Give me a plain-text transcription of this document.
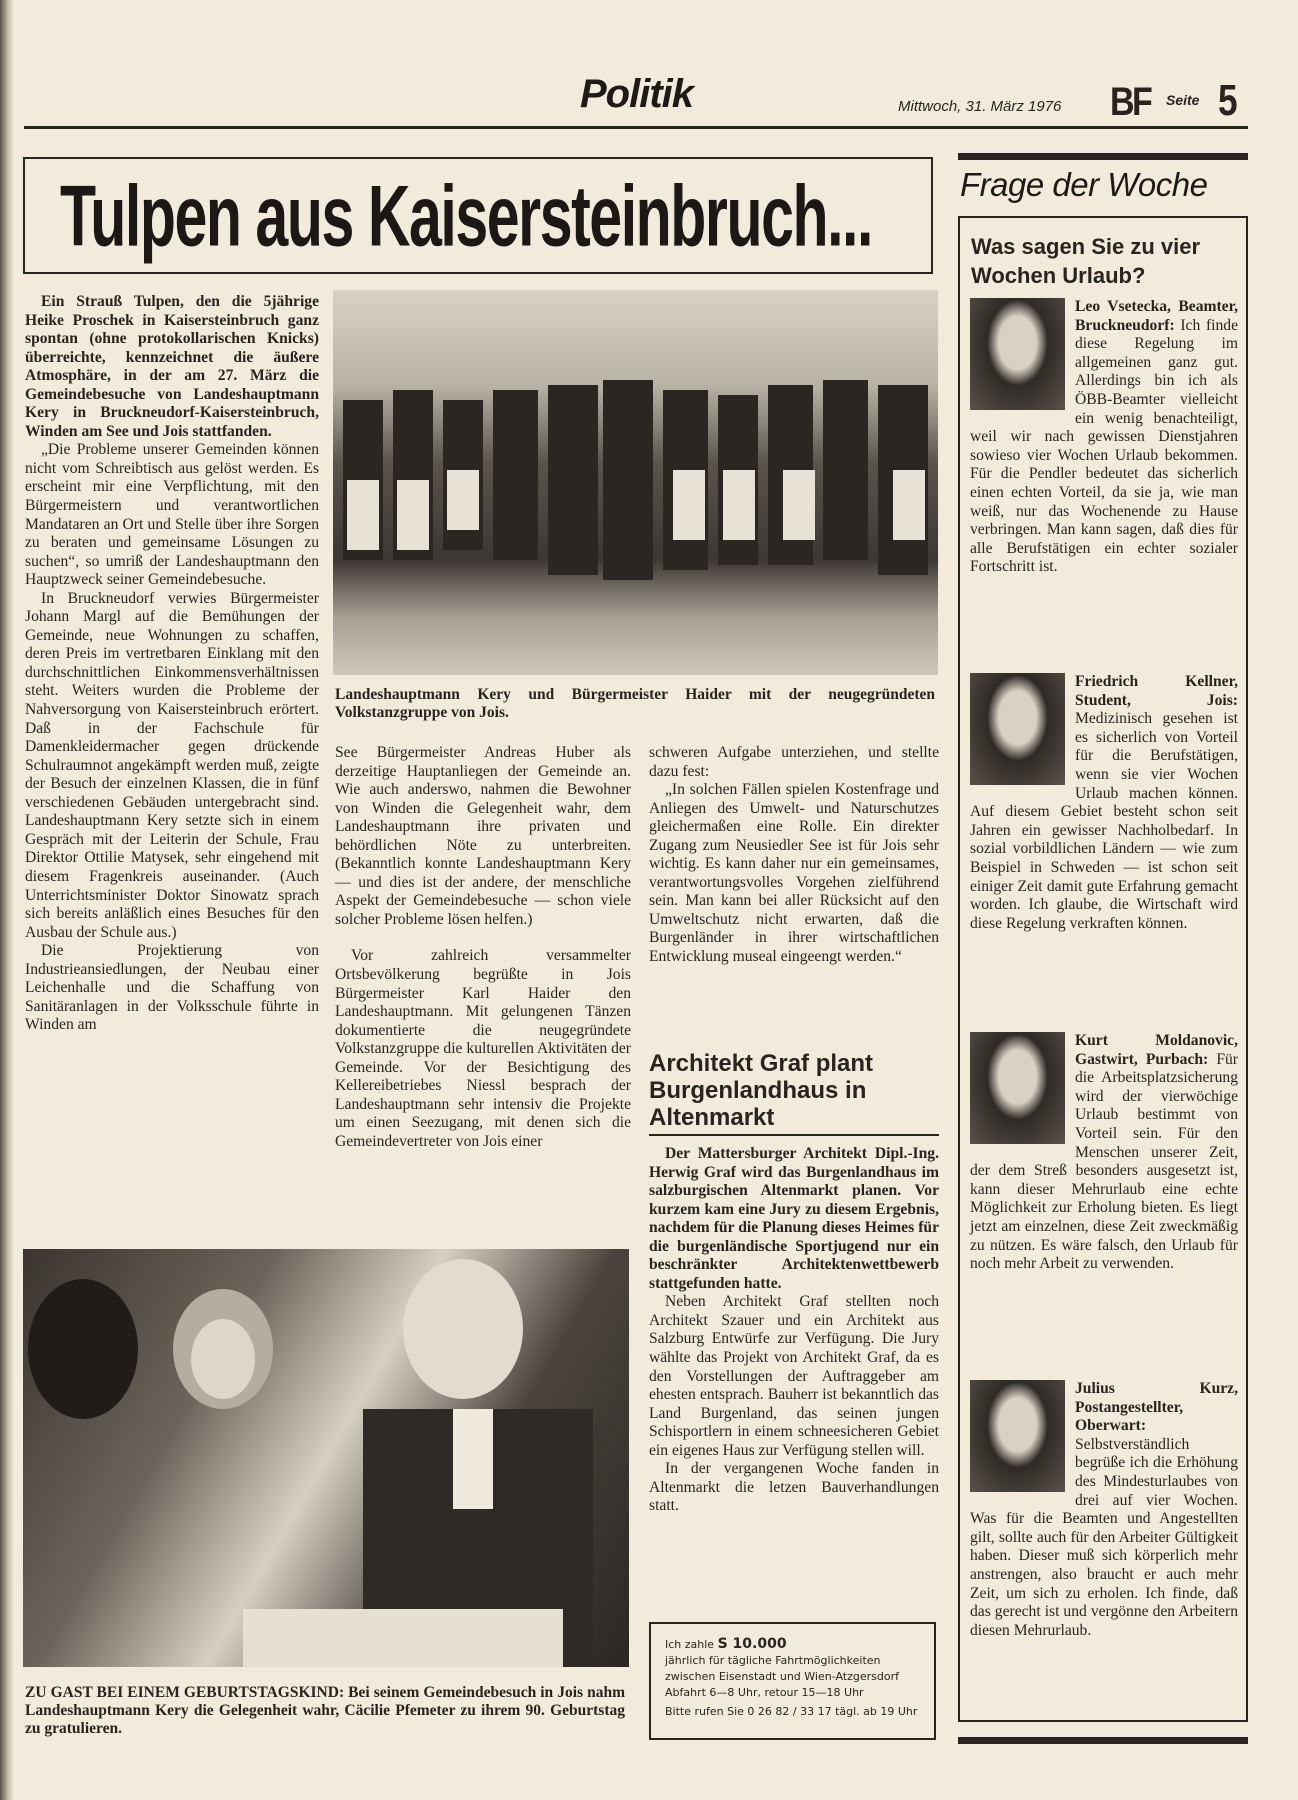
Politik	Mittwoch, 31. März 1976 BF Seite 5
Tulpen aus Kaisersteinbruch...

Ein Strauß Tulpen, den die 5jährige Heike Proschek in Kaisersteinbruch ganz spontan (ohne protokollarischen Knicks) überreichte, kennzeichnet die äußere Atmosphäre, in der am 27. März die Gemeindebesuche von Landeshauptmann Kery in Bruckneudorf-Kaisersteinbruch, Winden am See und Jois stattfanden.

„Die Probleme unserer Gemeinden können nicht vom Schreibtisch aus gelöst werden. Es erscheint mir eine Verpflichtung, mit den Bürgermeistern und verantwortlichen Mandataren an Ort und Stelle über ihre Sorgen zu beraten und gemeinsame Lösungen zu suchen“, so umriß der Landeshauptmann den Hauptzweck seiner Gemeindebesuche.

In Bruckneudorf verwies Bürgermeister Johann Margl auf die Bemühungen der Gemeinde, neue Wohnungen zu schaffen, deren Preis im vertretbaren Einklang mit den durchschnittlichen Einkommensverhältnissen steht. Weiters wurden die Probleme der Nahversorgung von Kaisersteinbruch erörtert. Daß in der Fachschule für Damenkleidermacher gegen drückende Schulraumnot angekämpft werden muß, zeigte der Besuch der einzelnen Klassen, die in fünf verschiedenen Gebäuden untergebracht sind. Landeshauptmann Kery setzte sich in einem Gespräch mit der Leiterin der Schule, Frau Direktor Ottilie Matysek, sehr eingehend mit diesem Fragenkreis auseinander. (Auch Unterrichtsminister Doktor Sinowatz sprach sich bereits anläßlich eines Besuches für den Ausbau der Schule aus.)

Die Projektierung von Industrieansiedlungen, der Neubau einer Leichenhalle und die Schaffung von Sanitäranlagen in der Volksschule führte in Winden am

Landeshauptmann Kery und Bürgermeister Haider mit der neugegründeten Volkstanzgruppe von Jois.

See Bürgermeister Andreas Huber als derzeitige Hauptanliegen der Gemeinde an. Wie auch anderswo, nahmen die Bewohner von Winden die Gelegenheit wahr, dem Landeshauptmann ihre privaten und behördlichen Nöte zu unterbreiten. (Bekanntlich konnte Landeshauptmann Kery — und dies ist der andere, der menschliche Aspekt der Gemeindebesuche — schon viele solcher Probleme lösen helfen.)

Vor zahlreich versammelter Ortsbevölkerung begrüßte in Jois Bürgermeister Karl Haider den Landeshauptmann. Mit gelungenen Tänzen dokumentierte die neugegründete Volkstanzgruppe die kulturellen Aktivitäten der Gemeinde. Vor der Besichtigung des Kellereibetriebes Niessl besprach der Landeshauptmann sehr intensiv die Projekte um einen Seezugang, mit denen sich die Gemeindevertreter von Jois einer

schweren Aufgabe unterziehen, und stellte dazu fest:

„In solchen Fällen spielen Kostenfrage und Anliegen des Umwelt- und Naturschutzes gleichermaßen eine Rolle. Ein direkter Zugang zum Neusiedler See ist für Jois sehr wichtig. Es kann daher nur ein gemeinsames, verantwortungsvolles Vorgehen zielführend sein. Man kann bei aller Rücksicht auf den Umweltschutz nicht erwarten, daß die Burgenländer in ihrer wirtschaftlichen Entwicklung museal eingeengt werden.“

Architekt Graf plant Burgenlandhaus in Altenmarkt

Der Mattersburger Architekt Dipl.-Ing. Herwig Graf wird das Burgenlandhaus im salzburgischen Altenmarkt planen. Vor kurzem kam eine Jury zu diesem Ergebnis, nachdem für die Planung dieses Heimes für die burgenländische Sportjugend nur ein beschränkter Architektenwettbewerb stattgefunden hatte.

Neben Architekt Graf stellten noch Architekt Szauer und ein Architekt aus Salzburg Entwürfe zur Verfügung. Die Jury wählte das Projekt von Architekt Graf, da es den Vorstellungen der Auftraggeber am ehesten entsprach. Bauherr ist bekanntlich das Land Burgenland, das seinen jungen Schisportlern in einem schneesicheren Gebiet ein eigenes Haus zur Verfügung stellen will.

In der vergangenen Woche fanden in Altenmarkt die letzen Bauverhandlungen statt.

Ich zahle S 10.000
jährlich für tägliche Fahrtmöglichkeiten
zwischen Eisenstadt und Wien-Atzgersdorf
Abfahrt 6—8 Uhr, retour 15—18 Uhr
Bitte rufen Sie 0 26 82 / 33 17 tägl. ab 19 Uhr
ZU GAST BEI EINEM GEBURTSTAGSKIND: Bei seinem Gemeindebesuch in Jois nahm Landeshauptmann Kery die Gelegenheit wahr, Cäcilie Pfemeter zu ihrem 90. Geburtstag zu gratulieren.
Frage der Woche
Was sagen Sie zu vier Wochen Urlaub?
Leo Vsetecka, Beamter, Bruckneudorf: Ich finde diese Regelung im allgemeinen ganz gut. Allerdings bin ich als ÖBB-Beamter vielleicht ein wenig benachteiligt, weil wir nach gewissen Dienstjahren sowieso vier Wochen Urlaub bekommen. Für die Pendler bedeutet das sicherlich einen echten Vorteil, da sie ja, wie man weiß, nur das Wochenende zu Hause verbringen. Man kann sagen, daß dies für alle Berufstätigen ein echter sozialer Fortschritt ist.
Friedrich Kellner, Student, Jois: Medizinisch gesehen ist es sicherlich von Vorteil für die Berufstätigen, wenn sie vier Wochen Urlaub machen können. Auf diesem Gebiet besteht schon seit Jahren ein gewisser Nachholbedarf. In sozial vorbildlichen Ländern — wie zum Beispiel in Schweden — ist schon seit einiger Zeit damit gute Erfahrung gemacht worden. Ich glaube, die Wirtschaft wird diese Regelung verkraften können.
Kurt Moldanovic, Gastwirt, Purbach: Für die Arbeitsplatzsicherung wird der vierwöchige Urlaub bestimmt von Vorteil sein. Für den Menschen unserer Zeit, der dem Streß besonders ausgesetzt ist, kann dieser Mehrurlaub eine echte Möglichkeit zur Erholung bieten. Es liegt jetzt am einzelnen, diese Zeit zweckmäßig zu nützen. Es wäre falsch, den Urlaub für noch mehr Arbeit zu verwenden.
Julius Kurz, Postangestellter, Oberwart: Selbstverständlich begrüße ich die Erhöhung des Mindesturlaubes von drei auf vier Wochen. Was für die Beamten und Angestellten gilt, sollte auch für den Arbeiter Gültigkeit haben. Dieser muß sich körperlich mehr anstrengen, also braucht er auch mehr Zeit, um sich zu erholen. Ich finde, daß das gerecht ist und vergönne den Arbeitern diesen Mehrurlaub.
